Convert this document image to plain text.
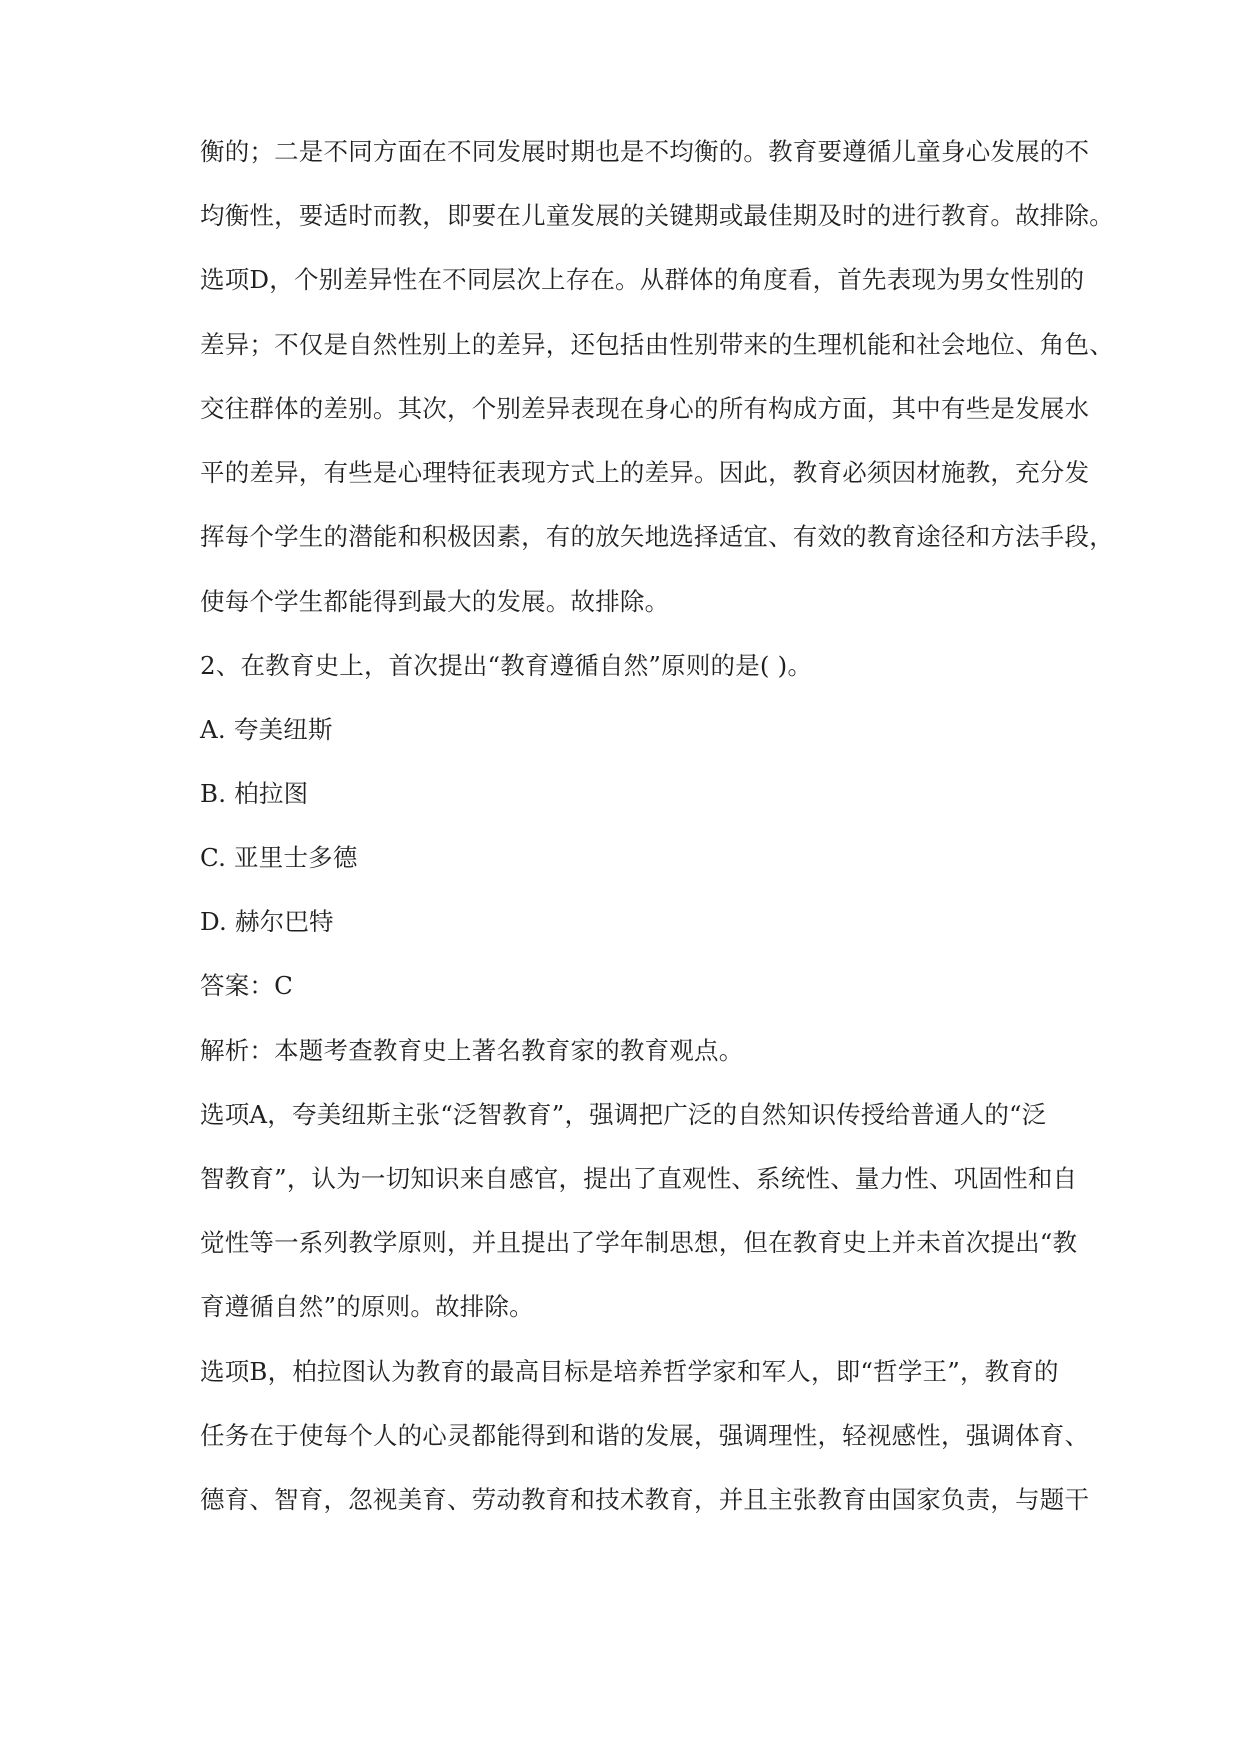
衡的；二是不同方面在不同发展时期也是不均衡的。教育要遵循儿童身心发展的不
均衡性，要适时而教，即要在儿童发展的关键期或最佳期及时的进行教育。故排除。
选项D，个别差异性在不同层次上存在。从群体的角度看，首先表现为男女性别的
差异；不仅是自然性别上的差异，还包括由性别带来的生理机能和社会地位、角色、
交往群体的差别。其次，个别差异表现在身心的所有构成方面，其中有些是发展水
平的差异，有些是心理特征表现方式上的差异。因此，教育必须因材施教，充分发
挥每个学生的潜能和积极因素，有的放矢地选择适宜、有效的教育途径和方法手段，
使每个学生都能得到最大的发展。故排除。
2、在教育史上，首次提出“教育遵循自然”原则的是( )。
A. 夸美纽斯
B. 柏拉图
C. 亚里士多德
D. 赫尔巴特
答案：C
解析：本题考查教育史上著名教育家的教育观点。
选项A，夸美纽斯主张“泛智教育”，强调把广泛的自然知识传授给普通人的“泛
智教育”，认为一切知识来自感官，提出了直观性、系统性、量力性、巩固性和自
觉性等一系列教学原则，并且提出了学年制思想，但在教育史上并未首次提出“教
育遵循自然”的原则。故排除。
选项B，柏拉图认为教育的最高目标是培养哲学家和军人，即“哲学王”，教育的
任务在于使每个人的心灵都能得到和谐的发展，强调理性，轻视感性，强调体育、
德育、智育，忽视美育、劳动教育和技术教育，并且主张教育由国家负责，与题干
